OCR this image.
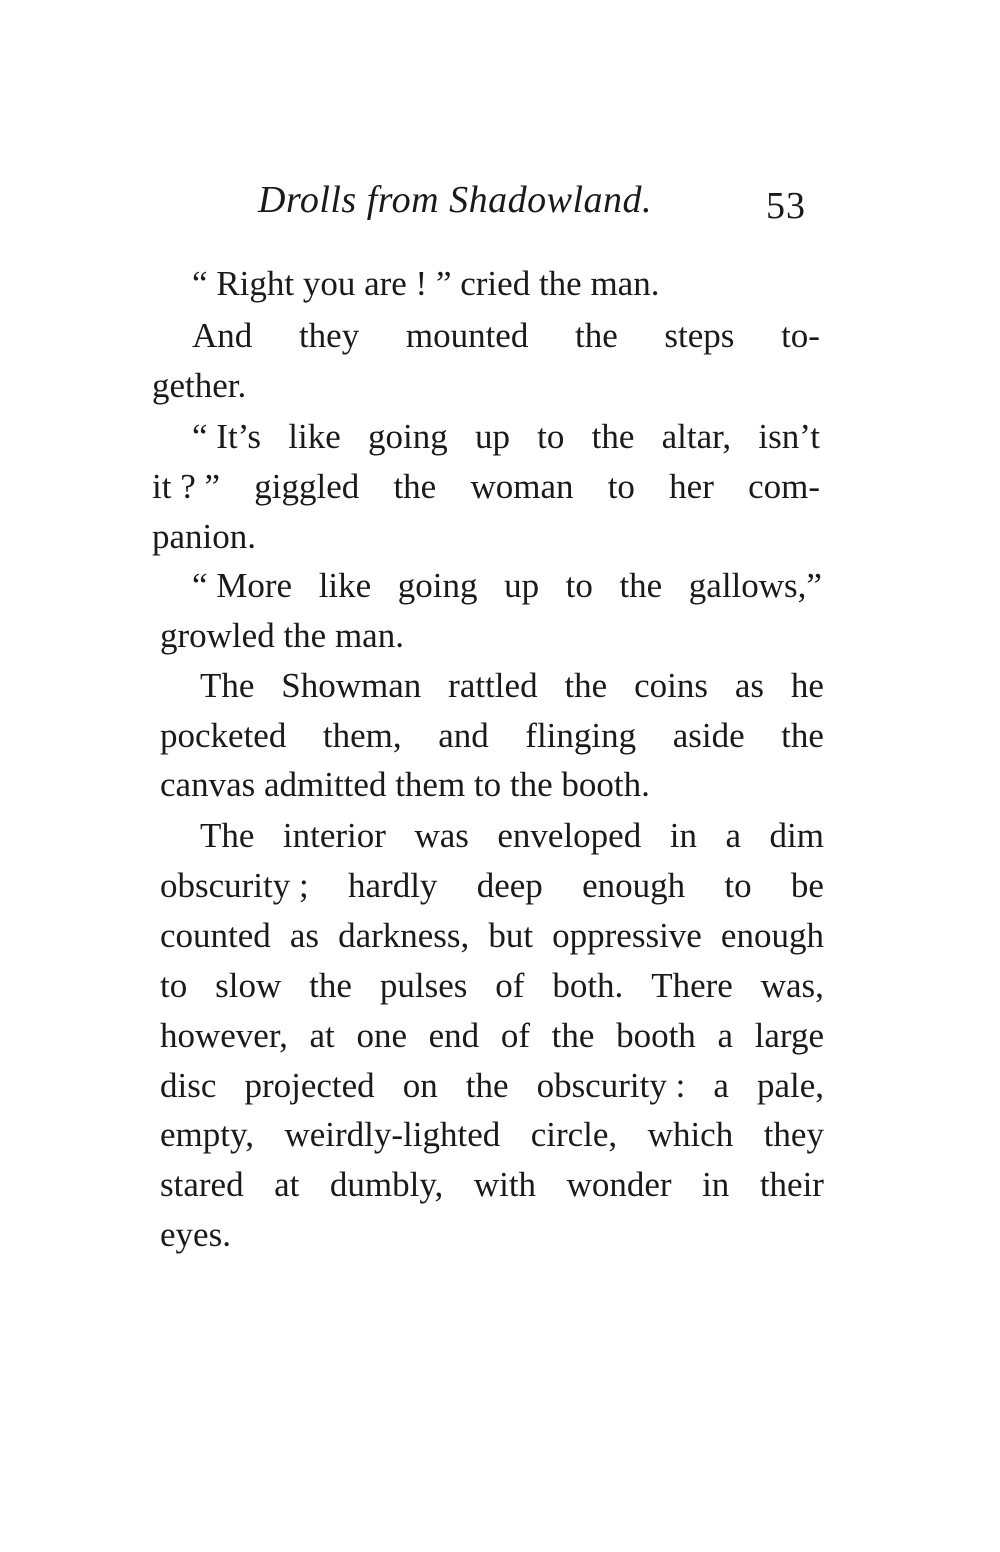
Drolls from Shadowland.	53
“ Right you are ! ” cried the man.
And they mounted the steps to-
gether.
“ It’s like going up to the altar, isn’t
it ? ” giggled the woman to her com-
panion.
“ More like going up to the gallows,”
growled the man.
The Showman rattled the coins as he
pocketed them, and flinging aside the
canvas admitted them to the booth.
The interior was enveloped in a dim
obscurity ; hardly deep enough to be
counted as darkness, but oppressive enough
to slow the pulses of both. There was,
however, at one end of the booth a large
disc projected on the obscurity : a pale,
empty, weirdly-lighted circle, which they
stared at dumbly, with wonder in their
eyes.
